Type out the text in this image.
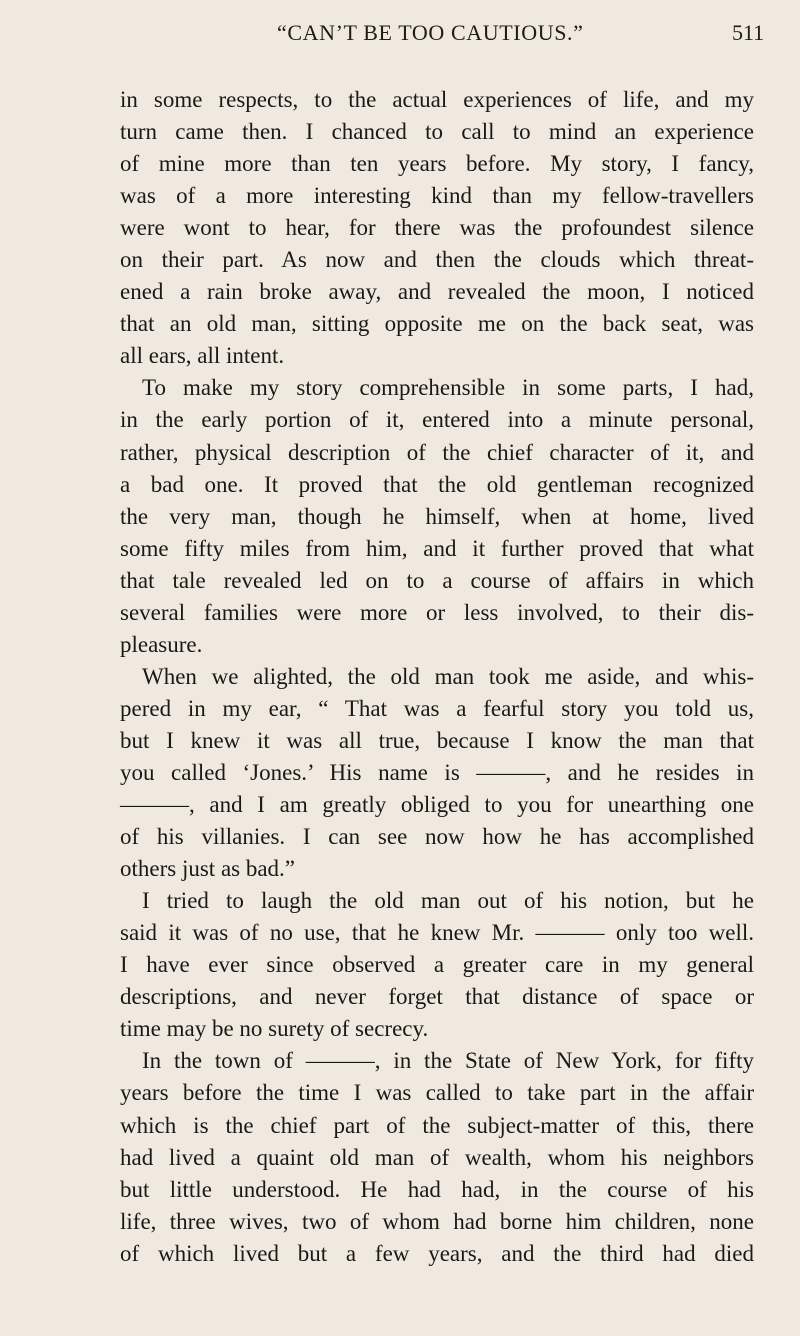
“CAN’T BE TOO CAUTIOUS.”	511
in some respects, to the actual experiences of life, and my
turn came then. I chanced to call to mind an experience
of mine more than ten years before. My story, I fancy,
was of a more interesting kind than my fellow-travellers
were wont to hear, for there was the profoundest silence
on their part. As now and then the clouds which threat-
ened a rain broke away, and revealed the moon, I noticed
that an old man, sitting opposite me on the back seat, was
all ears, all intent.
To make my story comprehensible in some parts, I had,
in the early portion of it, entered into a minute personal,
rather, physical description of the chief character of it, and
a bad one. It proved that the old gentleman recognized
the very man, though he himself, when at home, lived
some fifty miles from him, and it further proved that what
that tale revealed led on to a course of affairs in which
several families were more or less involved, to their dis-
pleasure.
When we alighted, the old man took me aside, and whis-
pered in my ear, “ That was a fearful story you told us,
but I knew it was all true, because I know the man that
you called ‘Jones.’ His name is ———, and he resides in
———, and I am greatly obliged to you for unearthing one
of his villanies. I can see now how he has accomplished
others just as bad.”
I tried to laugh the old man out of his notion, but he
said it was of no use, that he knew Mr. ——— only too well.
I have ever since observed a greater care in my general
descriptions, and never forget that distance of space or
time may be no surety of secrecy.
In the town of ———, in the State of New York, for fifty
years before the time I was called to take part in the affair
which is the chief part of the subject-matter of this, there
had lived a quaint old man of wealth, whom his neighbors
but little understood. He had had, in the course of his
life, three wives, two of whom had borne him children, none
of which lived but a few years, and the third had died
